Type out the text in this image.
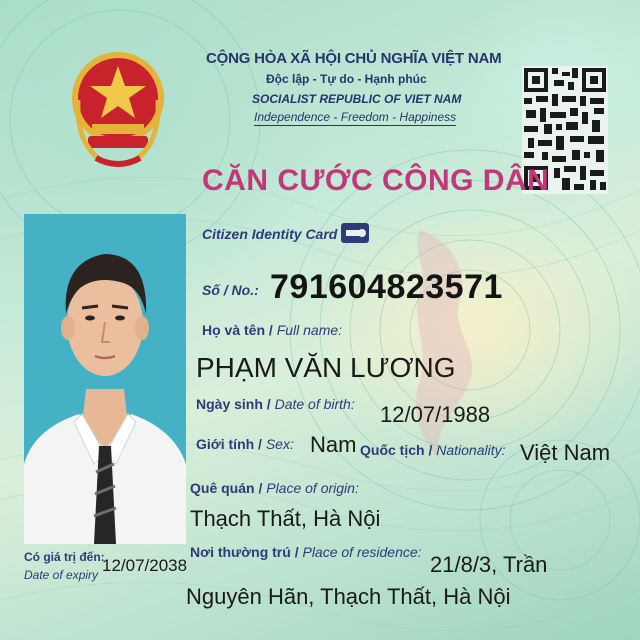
CỘNG HÒA XÃ HỘI CHỦ NGHĨA VIỆT NAM
Độc lập - Tự do - Hạnh phúc
SOCIALIST REPUBLIC OF VIET NAM
Independence - Freedom - Happiness
CĂN CƯỚC CÔNG DÂN
Citizen Identity Card
Số / No.: 791604823571
Họ và tên / Full name:
PHẠM VĂN LƯƠNG
Ngày sinh / Date of birth: 12/07/1988
Giới tính / Sex: Nam Quốc tịch / Nationality: Việt Nam
Quê quán / Place of origin:
Thạch Thất, Hà Nội
Nơi thường trú / Place of residence: 21/8/3, Trần
Nguyên Hãn, Thạch Thất, Hà Nội
Có giá trị đến:
Date of expiry 12/07/2038
